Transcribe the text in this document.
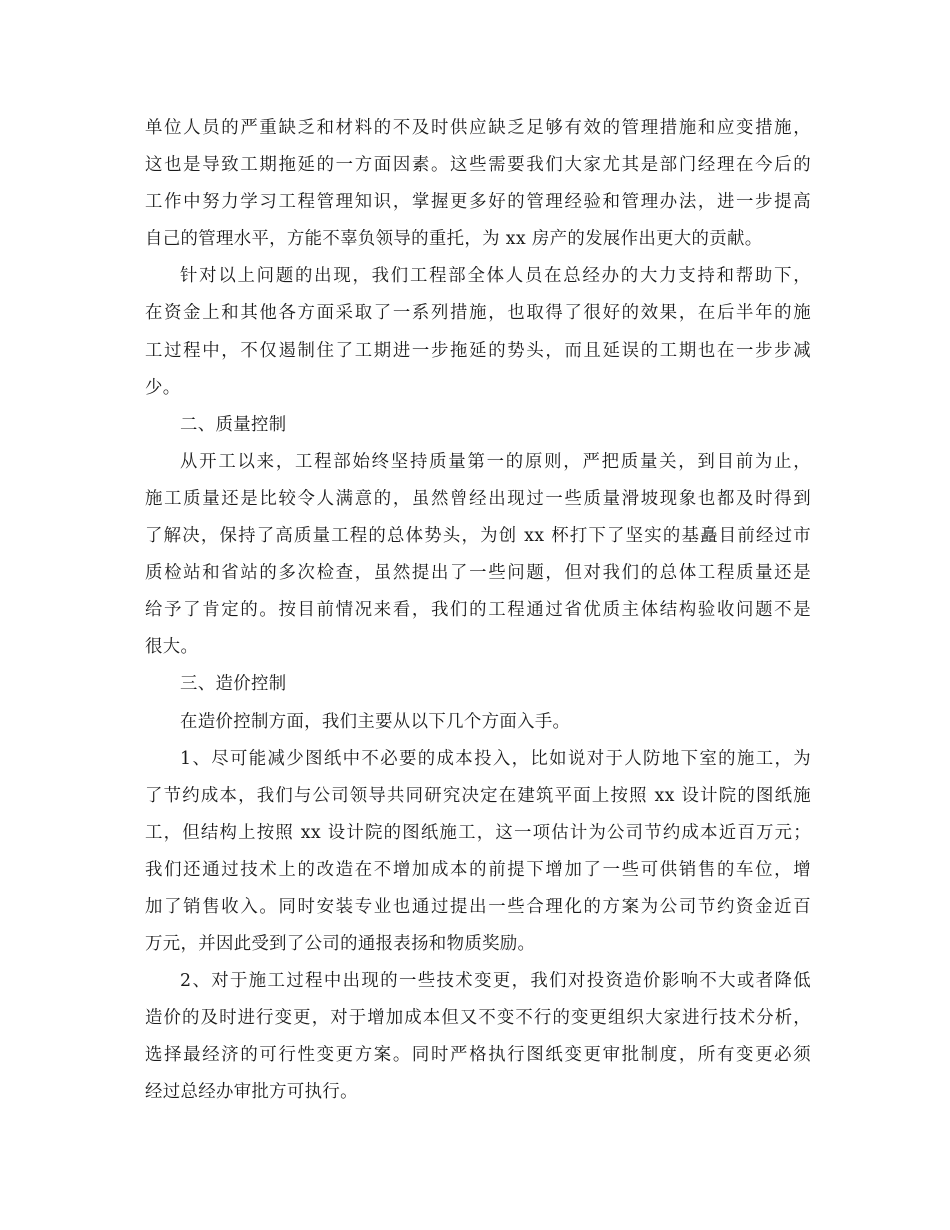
单位人员的严重缺乏和材料的不及时供应缺乏足够有效的管理措施和应变措施，
这也是导致工期拖延的一方面因素。这些需要我们大家尤其是部门经理在今后的
工作中努力学习工程管理知识，掌握更多好的管理经验和管理办法，进一步提高
自己的管理水平，方能不辜负领导的重托，为 xx 房产的发展作出更大的贡献。
针对以上问题的出现，我们工程部全体人员在总经办的大力支持和帮助下，
在资金上和其他各方面采取了一系列措施，也取得了很好的效果，在后半年的施
工过程中，不仅遏制住了工期进一步拖延的势头，而且延误的工期也在一步步减
少。
二、质量控制
从开工以来，工程部始终坚持质量第一的原则，严把质量关，到目前为止，
施工质量还是比较令人满意的，虽然曾经出现过一些质量滑坡现象也都及时得到
了解决，保持了高质量工程的总体势头，为创 xx 杯打下了坚实的基矗目前经过市
质检站和省站的多次检查，虽然提出了一些问题，但对我们的总体工程质量还是
给予了肯定的。按目前情况来看，我们的工程通过省优质主体结构验收问题不是
很大。
三、造价控制
在造价控制方面，我们主要从以下几个方面入手。
1、尽可能减少图纸中不必要的成本投入，比如说对于人防地下室的施工，为
了节约成本，我们与公司领导共同研究决定在建筑平面上按照 xx 设计院的图纸施
工，但结构上按照 xx 设计院的图纸施工，这一项估计为公司节约成本近百万元；
我们还通过技术上的改造在不增加成本的前提下增加了一些可供销售的车位，增
加了销售收入。同时安装专业也通过提出一些合理化的方案为公司节约资金近百
万元，并因此受到了公司的通报表扬和物质奖励。
2、对于施工过程中出现的一些技术变更，我们对投资造价影响不大或者降低
造价的及时进行变更，对于增加成本但又不变不行的变更组织大家进行技术分析，
选择最经济的可行性变更方案。同时严格执行图纸变更审批制度，所有变更必须
经过总经办审批方可执行。
